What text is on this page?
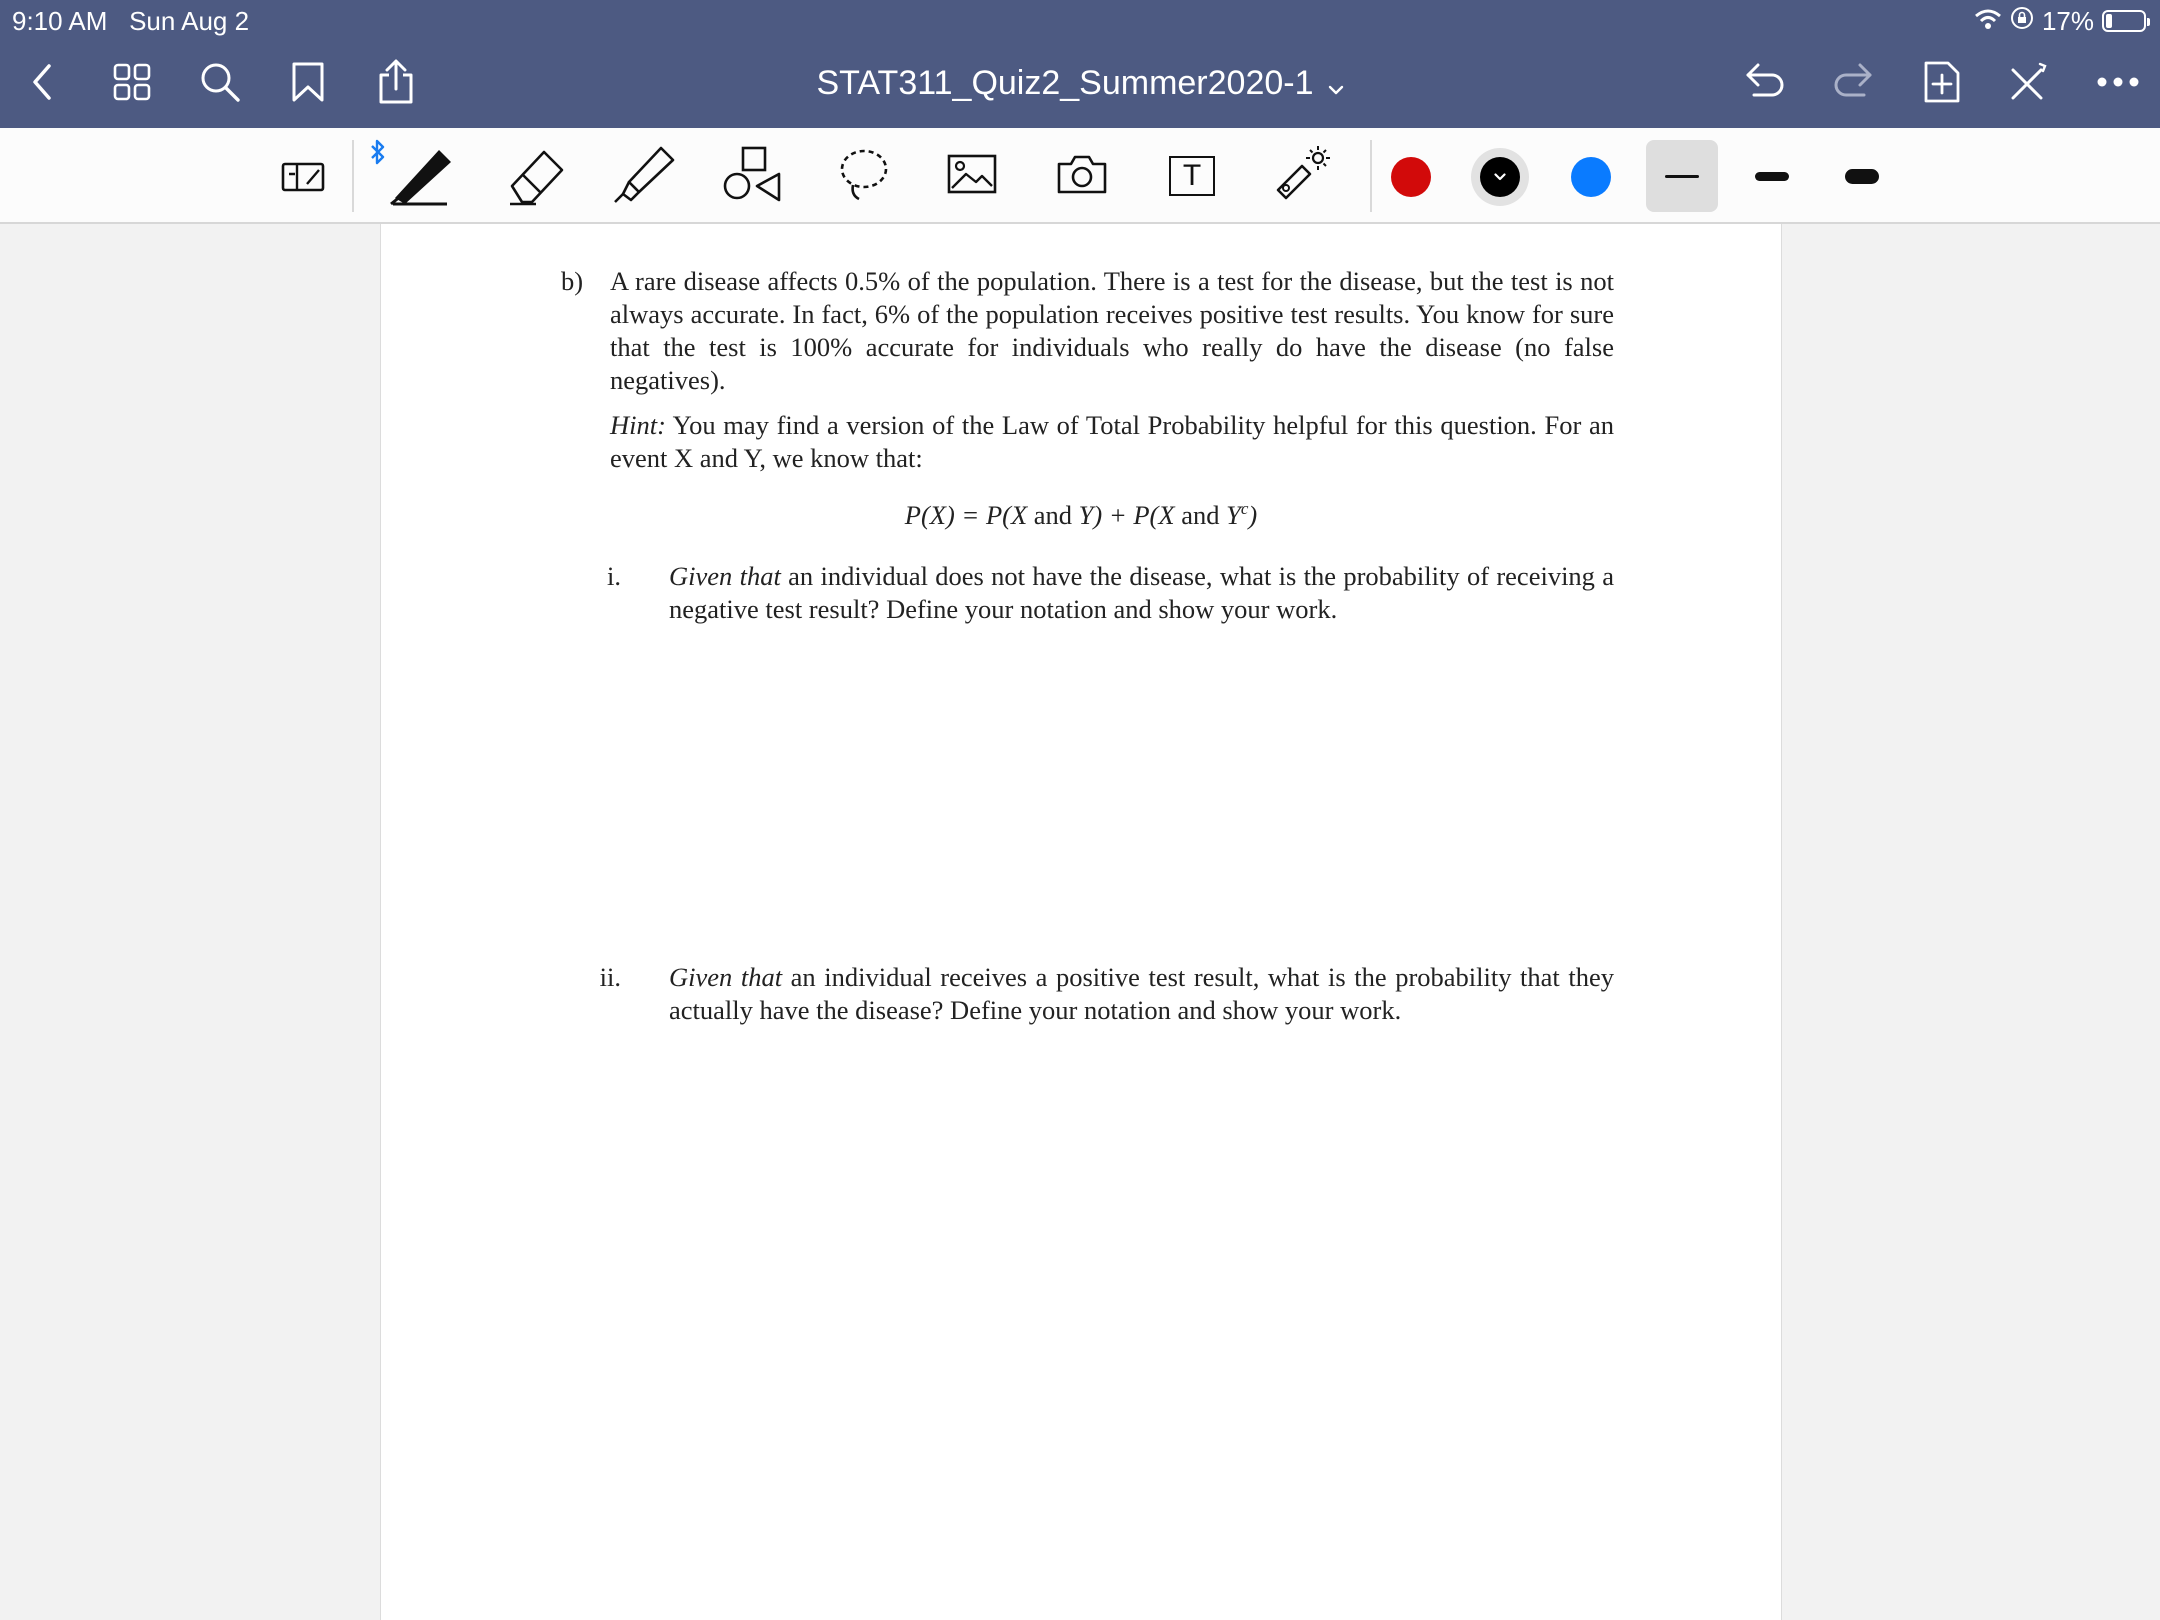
9:10 AM Sun Aug 2	17%
STAT311_Quiz2_Summer2020-1
T
b) A rare disease affects 0.5% of the population. There is a test for the disease, but the test is not always accurate. In fact, 6% of the population receives positive test results. You know for sure that the test is 100% accurate for individuals who really do have the disease (no false negatives).

Hint: You may find a version of the Law of Total Probability helpful for this question. For an event X and Y, we know that:

P(X) = P(X and Y) + P(X and $Y^c$)

i. Given that an individual does not have the disease, what is the probability of receiving a negative test result? Define your notation and show your work.

ii. Given that an individual receives a positive test result, what is the probability that they actually have the disease? Define your notation and show your work.
